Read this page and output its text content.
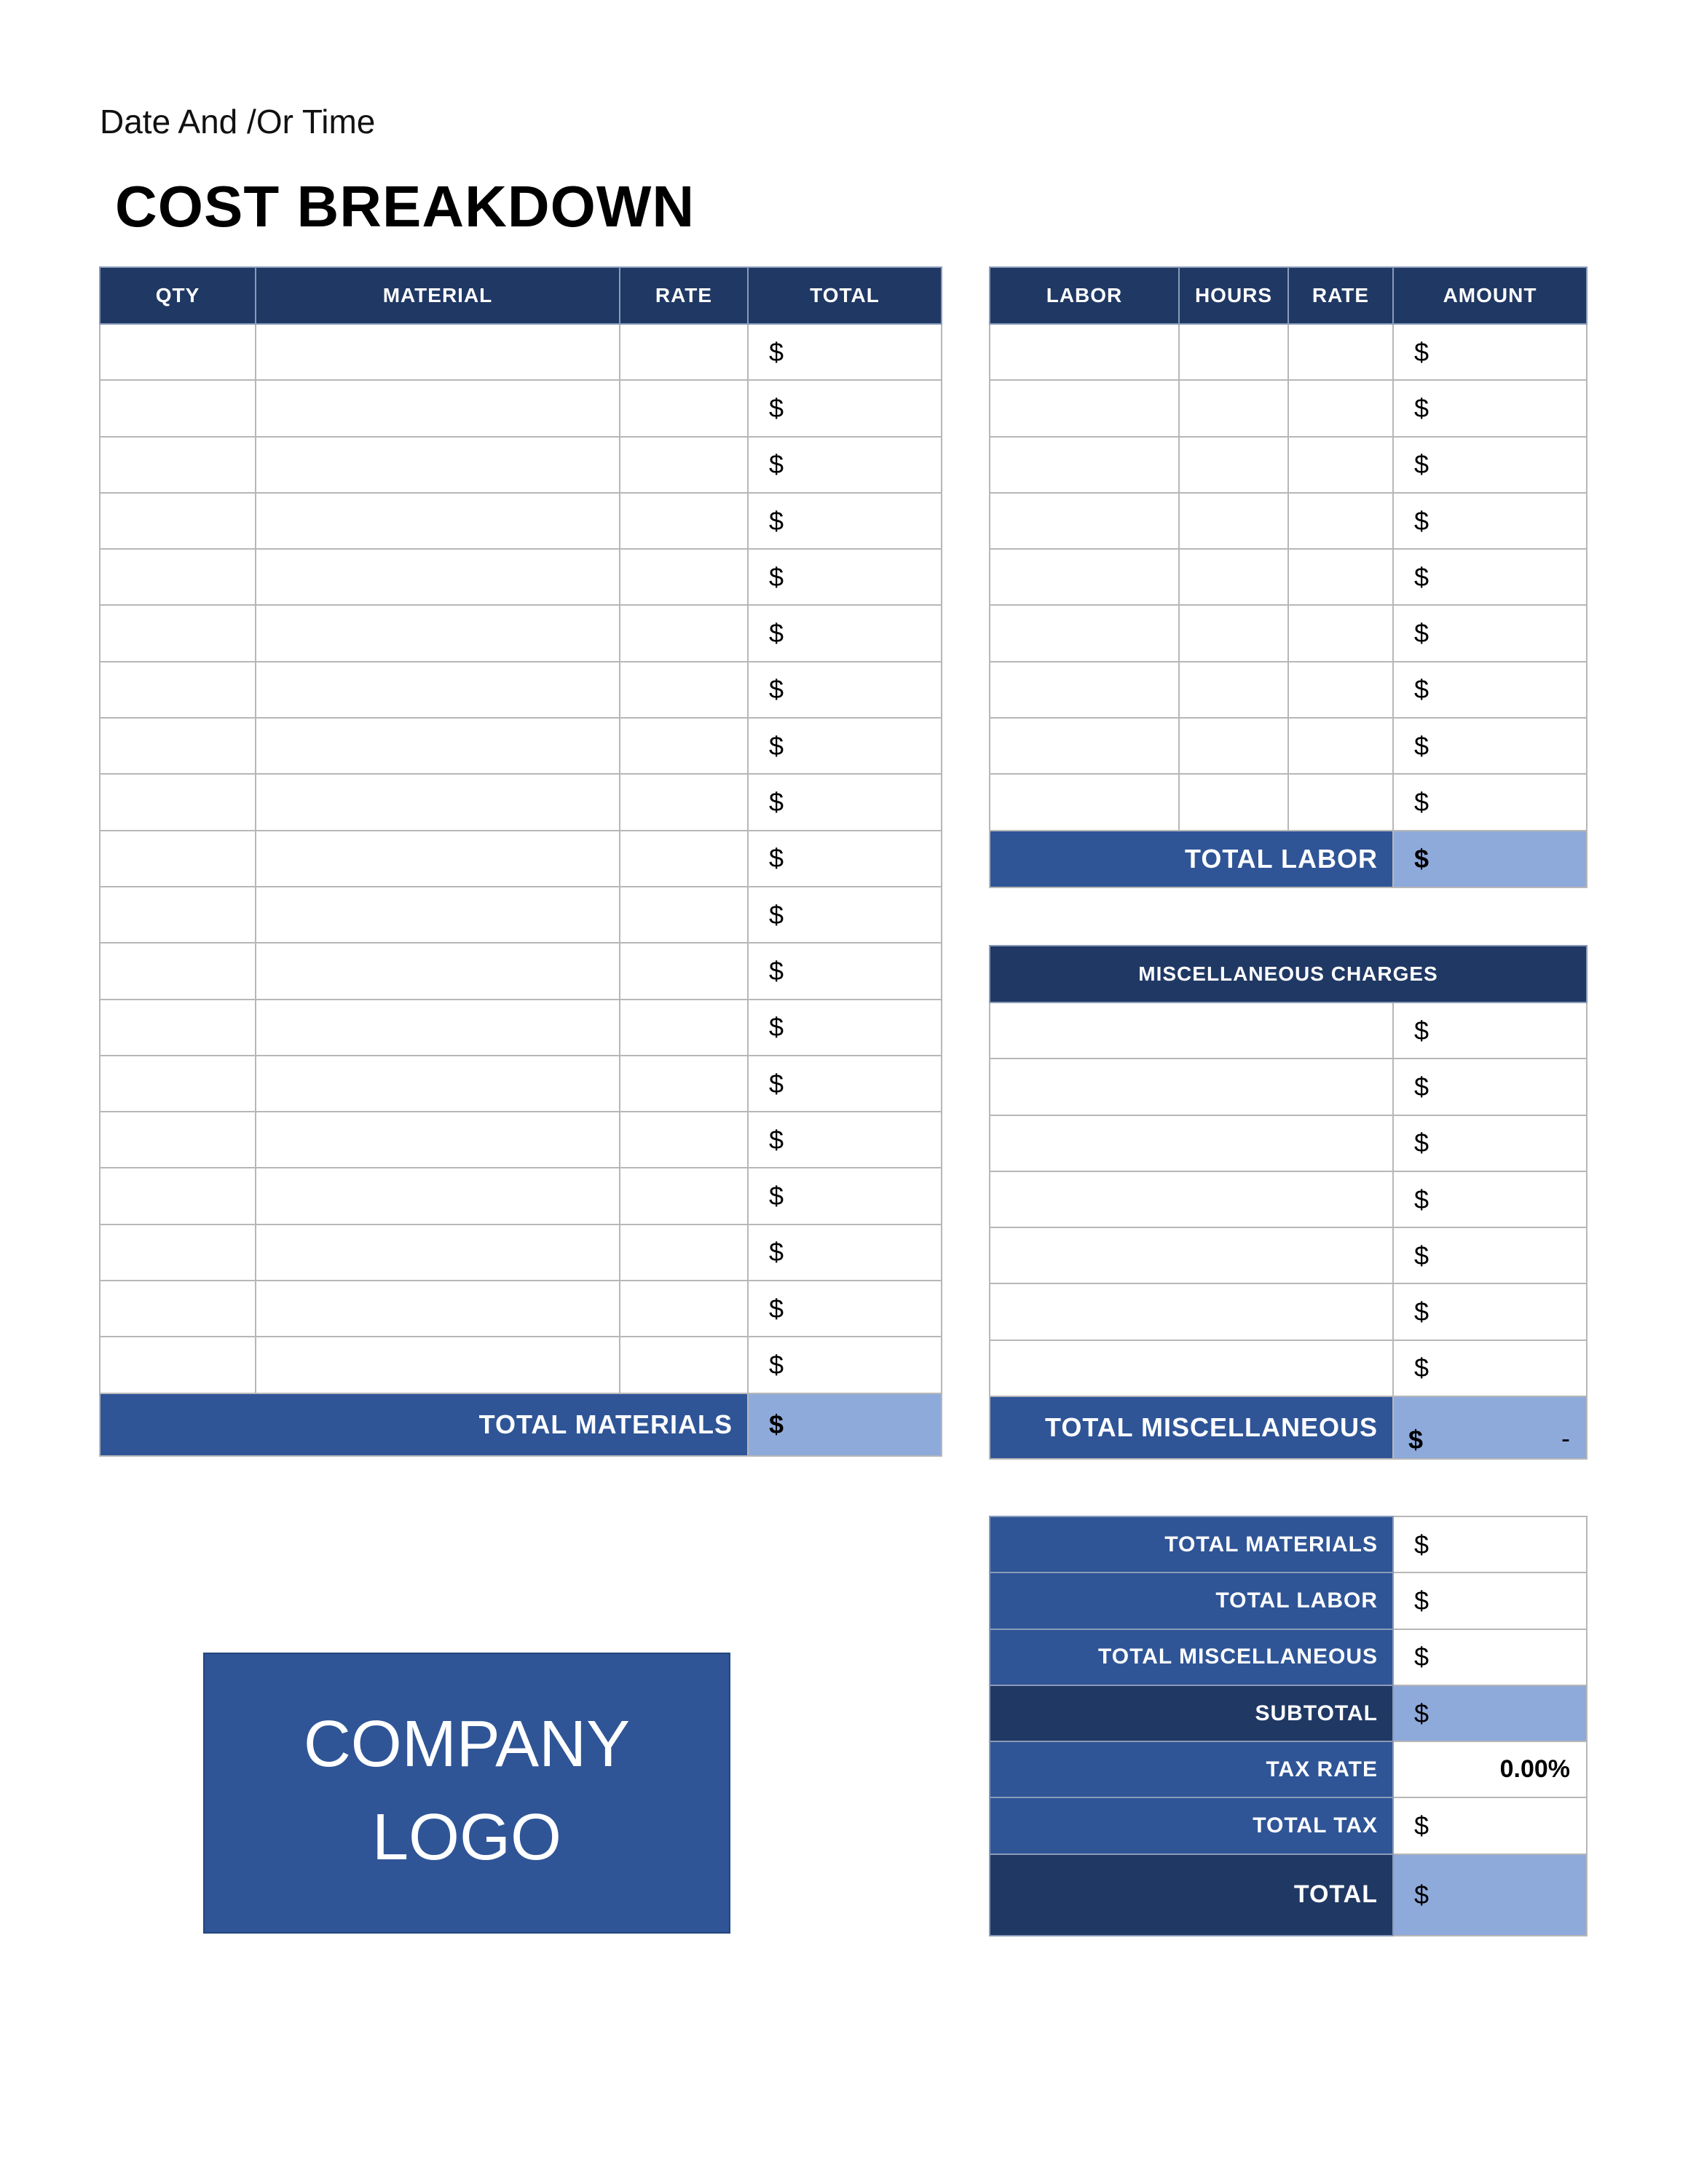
Date And /Or Time
COST BREAKDOWN
QTY	MATERIAL	RATE	TOTAL
			$
			$
			$
			$
			$
			$
			$
			$
			$
			$
			$
			$
			$
			$
			$
			$
			$
			$
			$
TOTAL MATERIALS			$
LABOR	HOURS	RATE	AMOUNT
			$
			$
			$
			$
			$
			$
			$
			$
			$
TOTAL LABOR			$
MISCELLANEOUS CHARGES	
	$
	$
	$
	$
	$
	$
	$
TOTAL MISCELLANEOUS	$ -
TOTAL MATERIALS	$
TOTAL LABOR	$
TOTAL MISCELLANEOUS	$
SUBTOTAL	$
TAX RATE	0.00%
TOTAL TAX	$
TOTAL	$
COMPANY
LOGO
